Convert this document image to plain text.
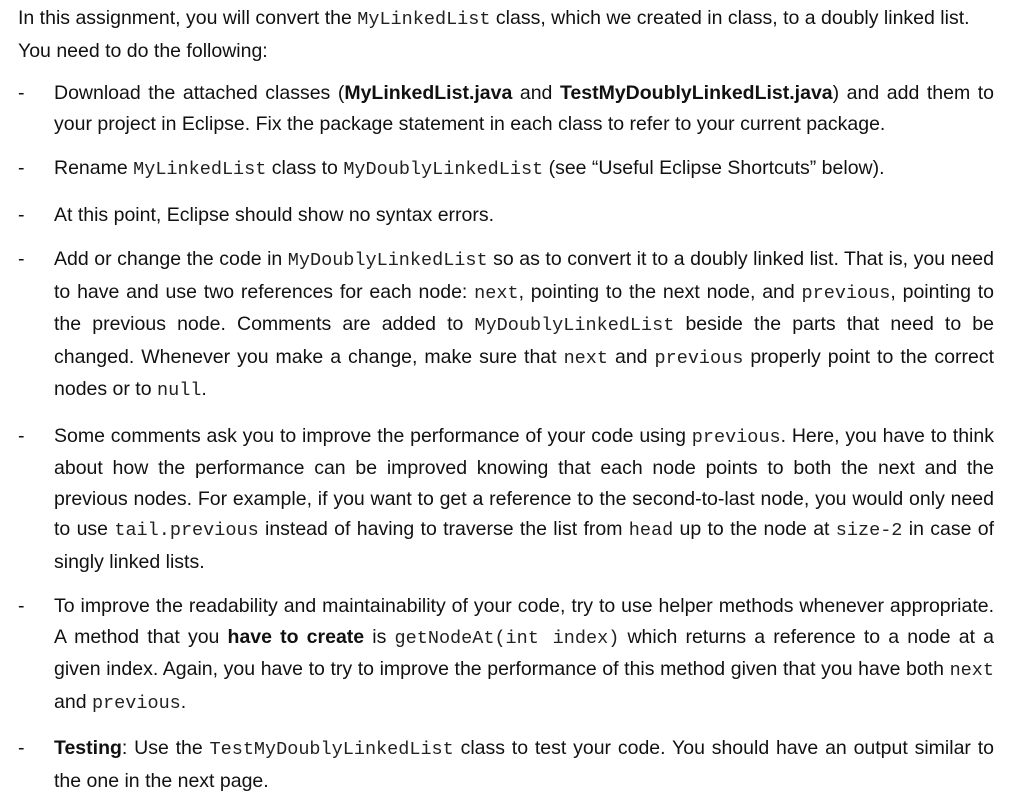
In this assignment, you will convert the MyLinkedList class, which we created in class, to a doubly linked list. You need to do the following:

-	Download the attached classes (MyLinkedList.java and TestMyDoublyLinkedList.java) and add them to your project in Eclipse. Fix the package statement in each class to refer to your current package.
-	Rename MyLinkedList class to MyDoublyLinkedList (see “Useful Eclipse Shortcuts” below).
-	At this point, Eclipse should show no syntax errors.
-	Add or change the code in MyDoublyLinkedList so as to convert it to a doubly linked list. That is, you need to have and use two references for each node: next, pointing to the next node, and previous, pointing to the previous node. Comments are added to MyDoublyLinkedList beside the parts that need to be changed. Whenever you make a change, make sure that next and previous properly point to the correct nodes or to null.
-	Some comments ask you to improve the performance of your code using previous. Here, you have to think about how the performance can be improved knowing that each node points to both the next and the previous nodes. For example, if you want to get a reference to the second-to-last node, you would only need to use tail.previous instead of having to traverse the list from head up to the node at size-2 in case of singly linked lists.
-	To improve the readability and maintainability of your code, try to use helper methods whenever appropriate. A method that you have to create is getNodeAt(int index) which returns a reference to a node at a given index. Again, you have to try to improve the performance of this method given that you have both next and previous.
-	Testing: Use the TestMyDoublyLinkedList class to test your code. You should have an output similar to the one in the next page.
